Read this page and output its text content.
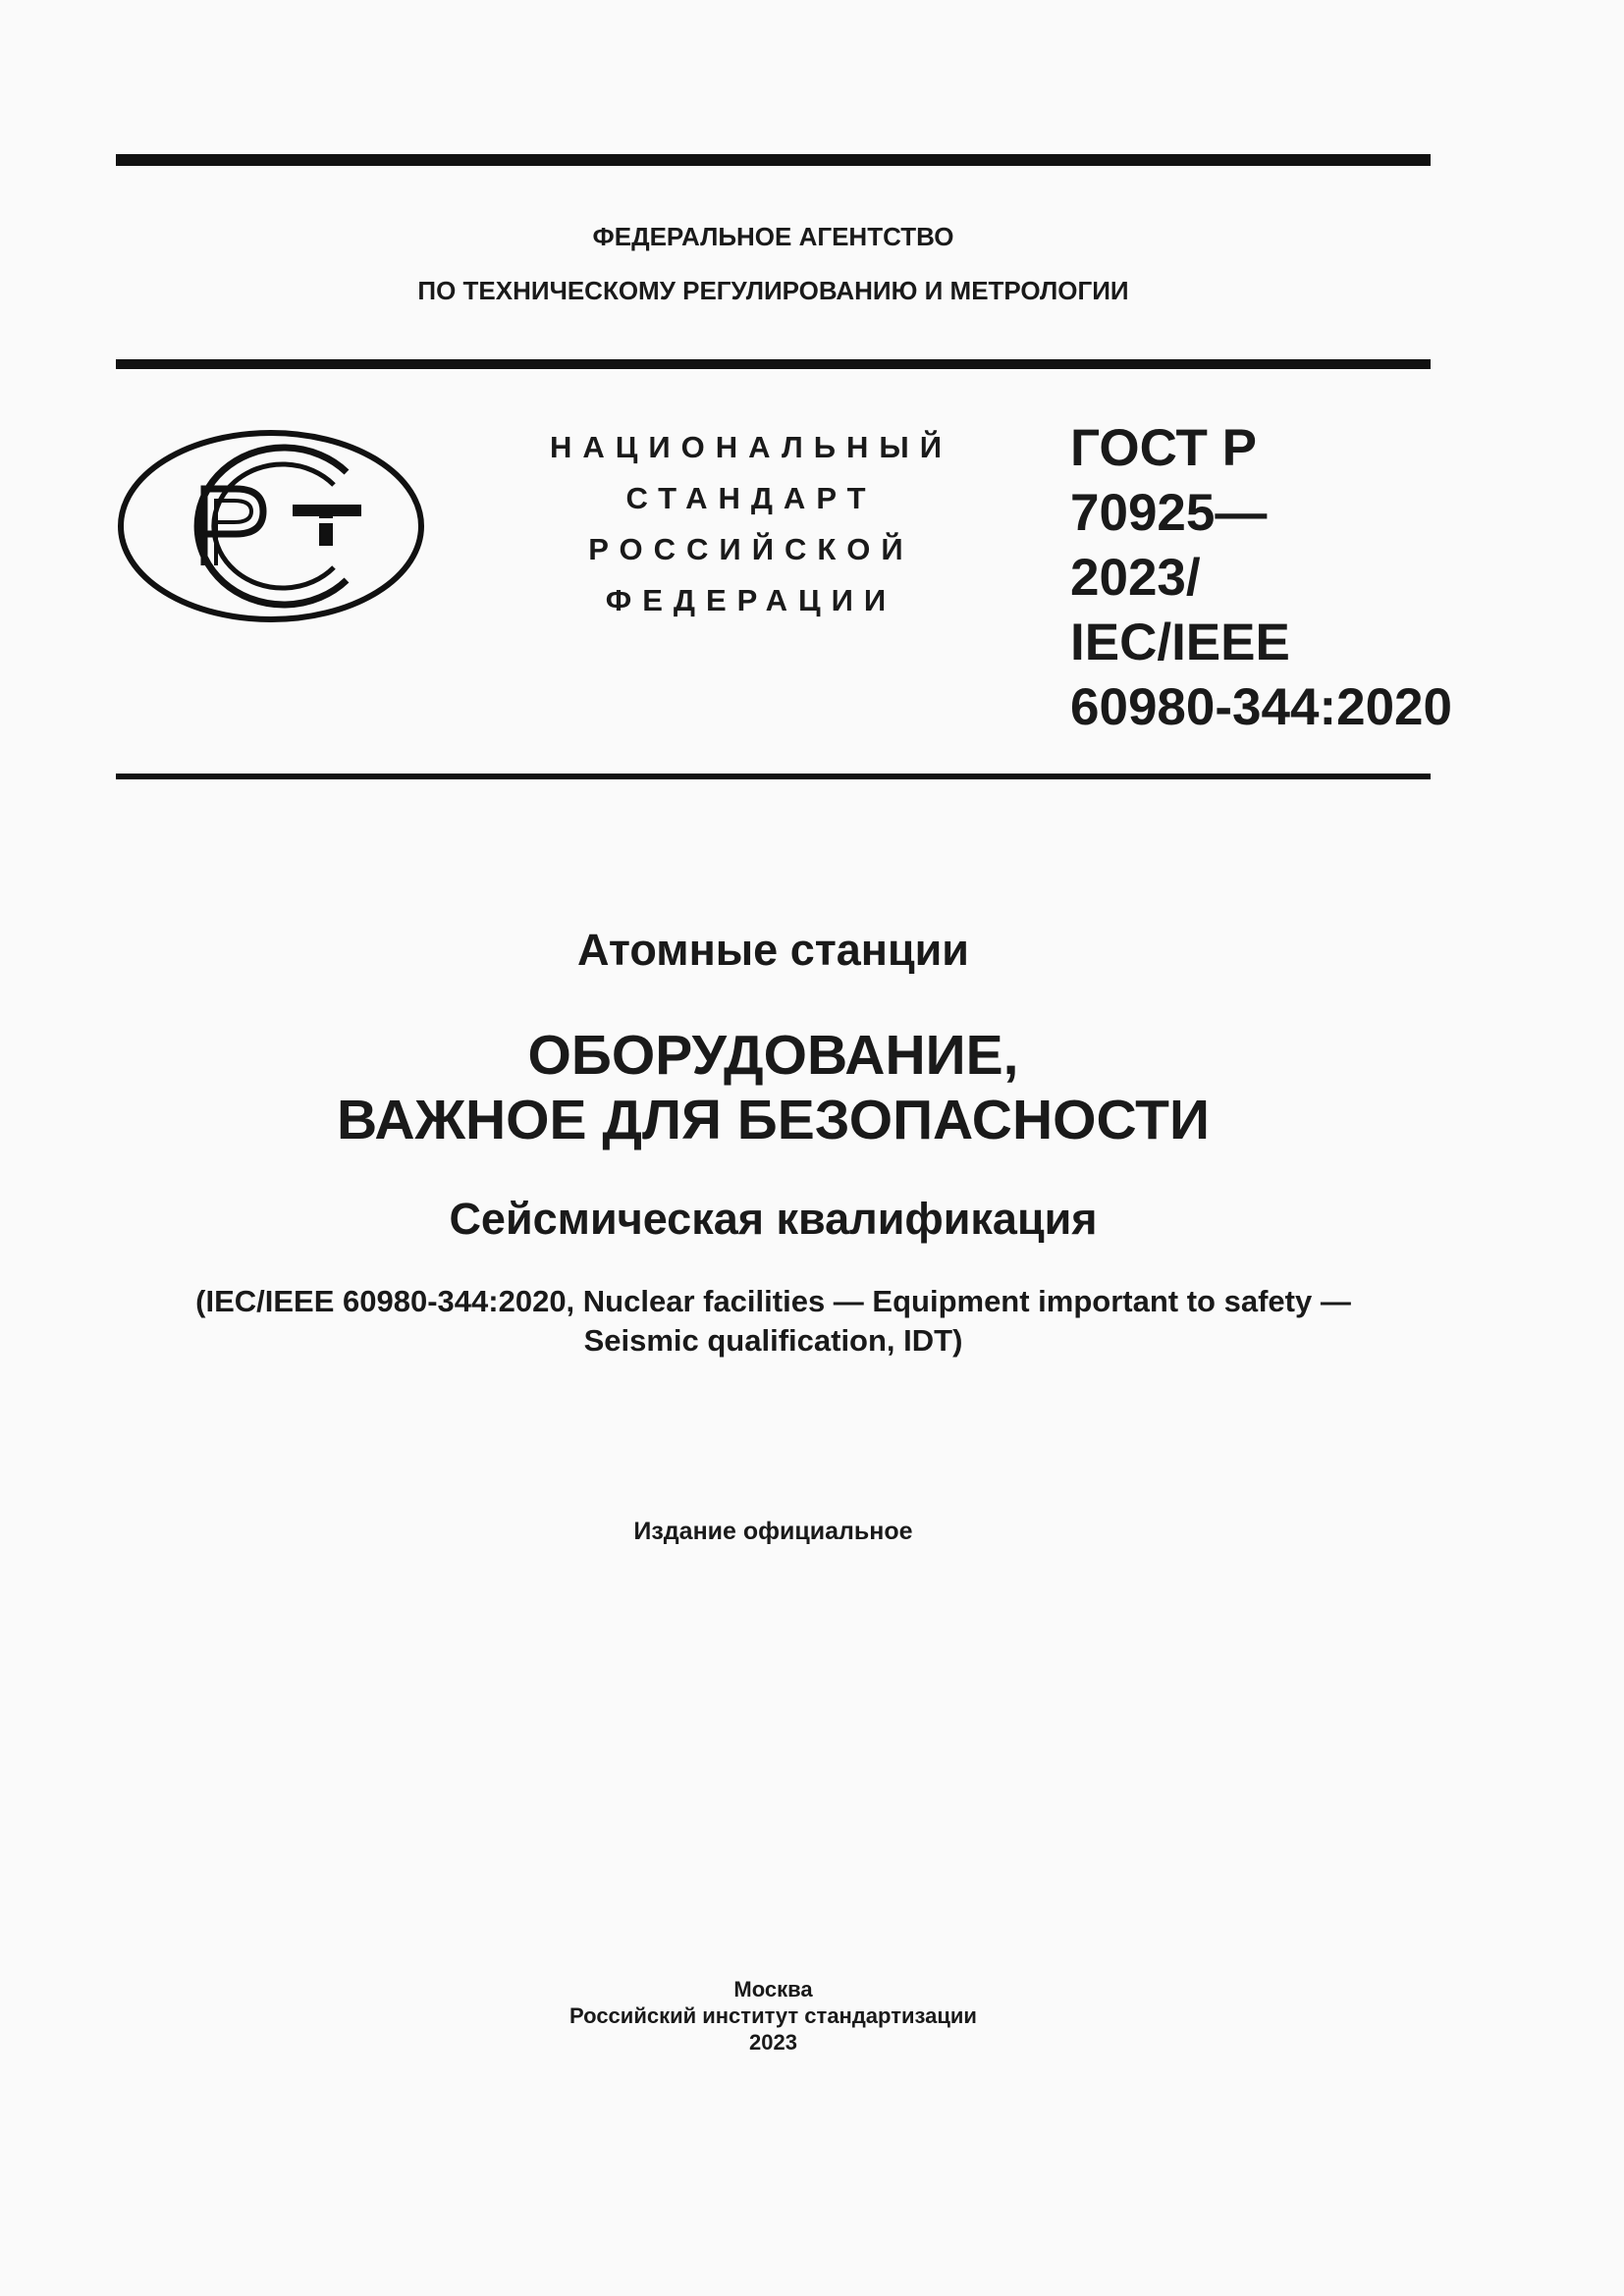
ФЕДЕРАЛЬНОЕ АГЕНТСТВО
ПО ТЕХНИЧЕСКОМУ РЕГУЛИРОВАНИЮ И МЕТРОЛОГИИ
НАЦИОНАЛЬНЫЙ
СТАНДАРТ
РОССИЙСКОЙ
ФЕДЕРАЦИИ
ГОСТ Р
70925—
2023/
IEC/IEEE
60980-344:2020
Атомные станции
ОБОРУДОВАНИЕ,
ВАЖНОЕ ДЛЯ БЕЗОПАСНОСТИ
Сейсмическая квалификация
(IEC/IEEE 60980-344:2020, Nuclear facilities — Equipment important to safety —
Seismic qualification, IDT)
Издание официальное
Москва
Российский институт стандартизации
2023
